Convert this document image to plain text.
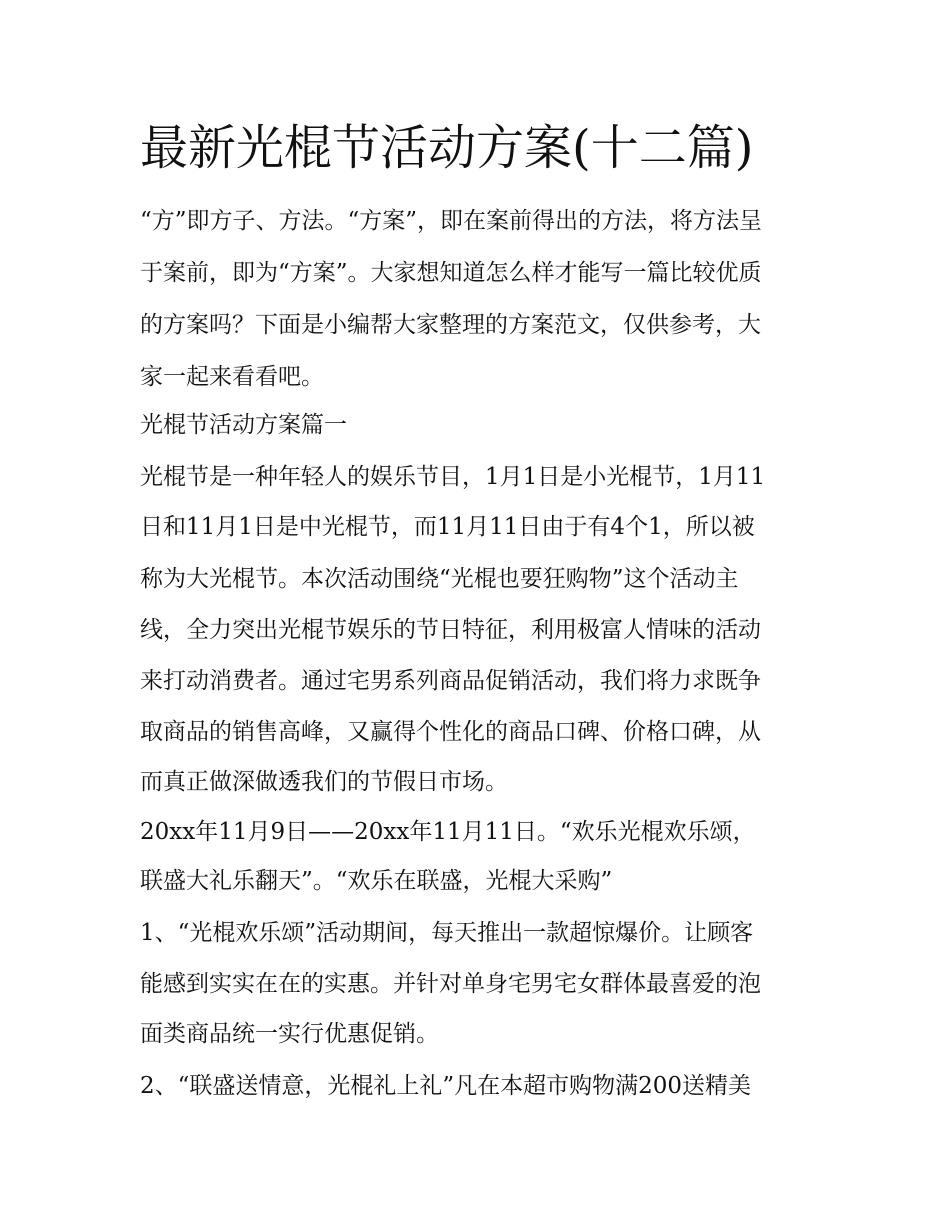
最新光棍节活动方案(十二篇)

“方”即方子、方法。“方案”，即在案前得出的方法，将方法呈

于案前，即为“方案”。大家想知道怎么样才能写一篇比较优质

的方案吗？下面是小编帮大家整理的方案范文，仅供参考，大

家一起来看看吧。

光棍节活动方案篇一

光棍节是一种年轻人的娱乐节目，1月1日是小光棍节，1月11

日和11月1日是中光棍节，而11月11日由于有4个1，所以被

称为大光棍节。本次活动围绕“光棍也要狂购物”这个活动主

线，全力突出光棍节娱乐的节日特征，利用极富人情味的活动

来打动消费者。通过宅男系列商品促销活动，我们将力求既争

取商品的销售高峰，又赢得个性化的商品口碑、价格口碑，从

而真正做深做透我们的节假日市场。

20xx年11月9日——20xx年11月11日。“欢乐光棍欢乐颂，

联盛大礼乐翻天”。“欢乐在联盛，光棍大采购”

1、“光棍欢乐颂”活动期间，每天推出一款超惊爆价。让顾客

能感到实实在在的实惠。并针对单身宅男宅女群体最喜爱的泡

面类商品统一实行优惠促销。

2、“联盛送情意，光棍礼上礼”凡在本超市购物满200送精美
